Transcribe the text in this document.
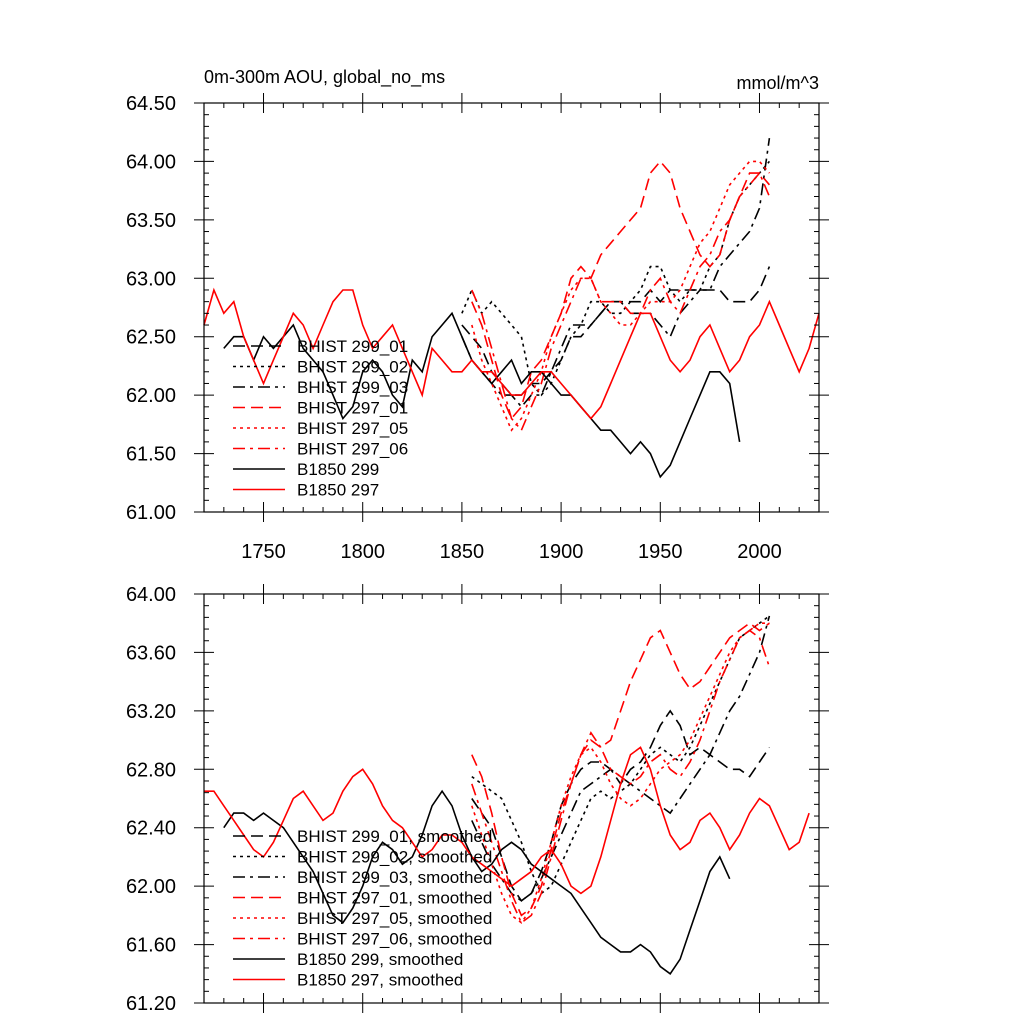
1750	1800	1850	1900	1950	2000
61.00
61.50
62.00
62.50
63.00
63.50
64.00
64.50
BHIST 299_01
BHIST 299_02
BHIST 299_03
BHIST 297_01
BHIST 297_05
BHIST 297_06
B1850 299
B1850 297
0m-300m AOU, global_no_ms	mmol/m^3
61.20
61.60
62.00
62.40
62.80
63.20
63.60
64.00
BHIST 299_01, smoothed
BHIST 299_02, smoothed
BHIST 299_03, smoothed
BHIST 297_01, smoothed
BHIST 297_05, smoothed
BHIST 297_06, smoothed
B1850 299, smoothed
B1850 297, smoothed
